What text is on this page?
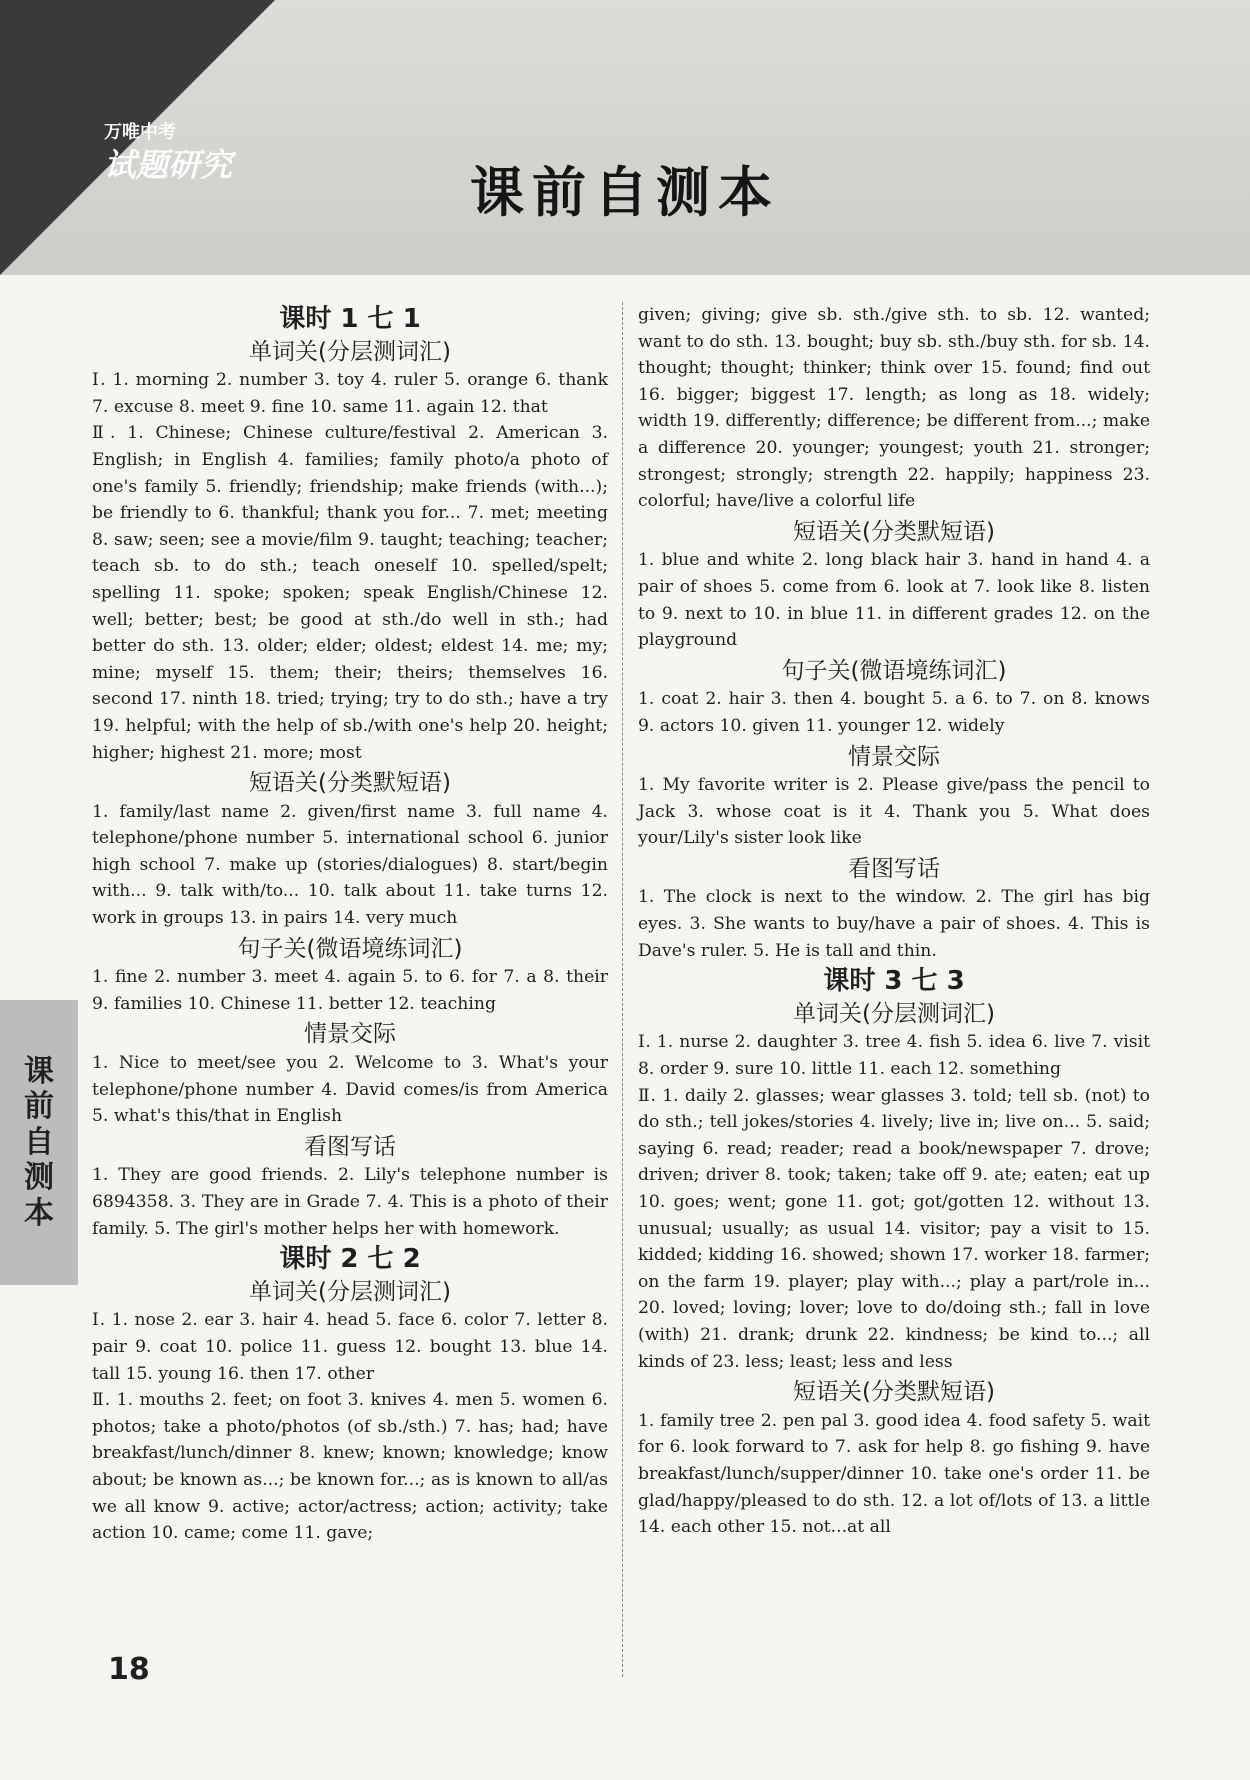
万唯中考
试题研究	课前自测本
课
前
自
测
本
课时 1 七 1
单词关(分层测词汇)

Ⅰ. 1. morning 2. number 3. toy 4. ruler 5. orange 6. thank 7. excuse 8. meet 9. fine 10. same 11. again 12. that

Ⅱ. 1. Chinese; Chinese culture/festival 2. American 3. English; in English 4. families; family photo/a photo of one's family 5. friendly; friendship; make friends (with...); be friendly to 6. thankful; thank you for... 7. met; meeting 8. saw; seen; see a movie/film 9. taught; teaching; teacher; teach sb. to do sth.; teach oneself 10. spelled/spelt; spelling 11. spoke; spoken; speak English/Chinese 12. well; better; best; be good at sth./do well in sth.; had better do sth. 13. older; elder; oldest; eldest 14. me; my; mine; myself 15. them; their; theirs; themselves 16. second 17. ninth 18. tried; trying; try to do sth.; have a try 19. helpful; with the help of sb./with one's help 20. height; higher; highest 21. more; most

短语关(分类默短语)

1. family/last name 2. given/first name 3. full name 4. telephone/phone number 5. international school 6. junior high school 7. make up (stories/dialogues) 8. start/begin with... 9. talk with/to... 10. talk about 11. take turns 12. work in groups 13. in pairs 14. very much

句子关(微语境练词汇)

1. fine 2. number 3. meet 4. again 5. to 6. for 7. a 8. their 9. families 10. Chinese 11. better 12. teaching

情景交际

1. Nice to meet/see you 2. Welcome to 3. What's your telephone/phone number 4. David comes/is from America 5. what's this/that in English

看图写话

1. They are good friends. 2. Lily's telephone number is 6894358. 3. They are in Grade 7. 4. This is a photo of their family. 5. The girl's mother helps her with homework.

课时 2 七 2
单词关(分层测词汇)

Ⅰ. 1. nose 2. ear 3. hair 4. head 5. face 6. color 7. letter 8. pair 9. coat 10. police 11. guess 12. bought 13. blue 14. tall 15. young 16. then 17. other

Ⅱ. 1. mouths 2. feet; on foot 3. knives 4. men 5. women 6. photos; take a photo/photos (of sb./sth.) 7. has; had; have breakfast/lunch/dinner 8. knew; known; knowledge; know about; be known as...; be known for...; as is known to all/as we all know 9. active; actor/actress; action; activity; take action 10. came; come 11. gave;

given; giving; give sb. sth./give sth. to sb. 12. wanted; want to do sth. 13. bought; buy sb. sth./buy sth. for sb. 14. thought; thought; thinker; think over 15. found; find out 16. bigger; biggest 17. length; as long as 18. widely; width 19. differently; difference; be different from...; make a difference 20. younger; youngest; youth 21. stronger; strongest; strongly; strength 22. happily; happiness 23. colorful; have/live a colorful life

短语关(分类默短语)

1. blue and white 2. long black hair 3. hand in hand 4. a pair of shoes 5. come from 6. look at 7. look like 8. listen to 9. next to 10. in blue 11. in different grades 12. on the playground

句子关(微语境练词汇)

1. coat 2. hair 3. then 4. bought 5. a 6. to 7. on 8. knows 9. actors 10. given 11. younger 12. widely

情景交际

1. My favorite writer is 2. Please give/pass the pencil to Jack 3. whose coat is it 4. Thank you 5. What does your/Lily's sister look like

看图写话

1. The clock is next to the window. 2. The girl has big eyes. 3. She wants to buy/have a pair of shoes. 4. This is Dave's ruler. 5. He is tall and thin.

课时 3 七 3
单词关(分层测词汇)

Ⅰ. 1. nurse 2. daughter 3. tree 4. fish 5. idea 6. live 7. visit 8. order 9. sure 10. little 11. each 12. something

Ⅱ. 1. daily 2. glasses; wear glasses 3. told; tell sb. (not) to do sth.; tell jokes/stories 4. lively; live in; live on... 5. said; saying 6. read; reader; read a book/newspaper 7. drove; driven; driver 8. took; taken; take off 9. ate; eaten; eat up 10. goes; went; gone 11. got; got/gotten 12. without 13. unusual; usually; as usual 14. visitor; pay a visit to 15. kidded; kidding 16. showed; shown 17. worker 18. farmer; on the farm 19. player; play with...; play a part/role in... 20. loved; loving; lover; love to do/doing sth.; fall in love (with) 21. drank; drunk 22. kindness; be kind to...; all kinds of 23. less; least; less and less

短语关(分类默短语)

1. family tree 2. pen pal 3. good idea 4. food safety 5. wait for 6. look forward to 7. ask for help 8. go fishing 9. have breakfast/lunch/supper/dinner 10. take one's order 11. be glad/happy/pleased to do sth. 12. a lot of/lots of 13. a little 14. each other 15. not...at all

18
